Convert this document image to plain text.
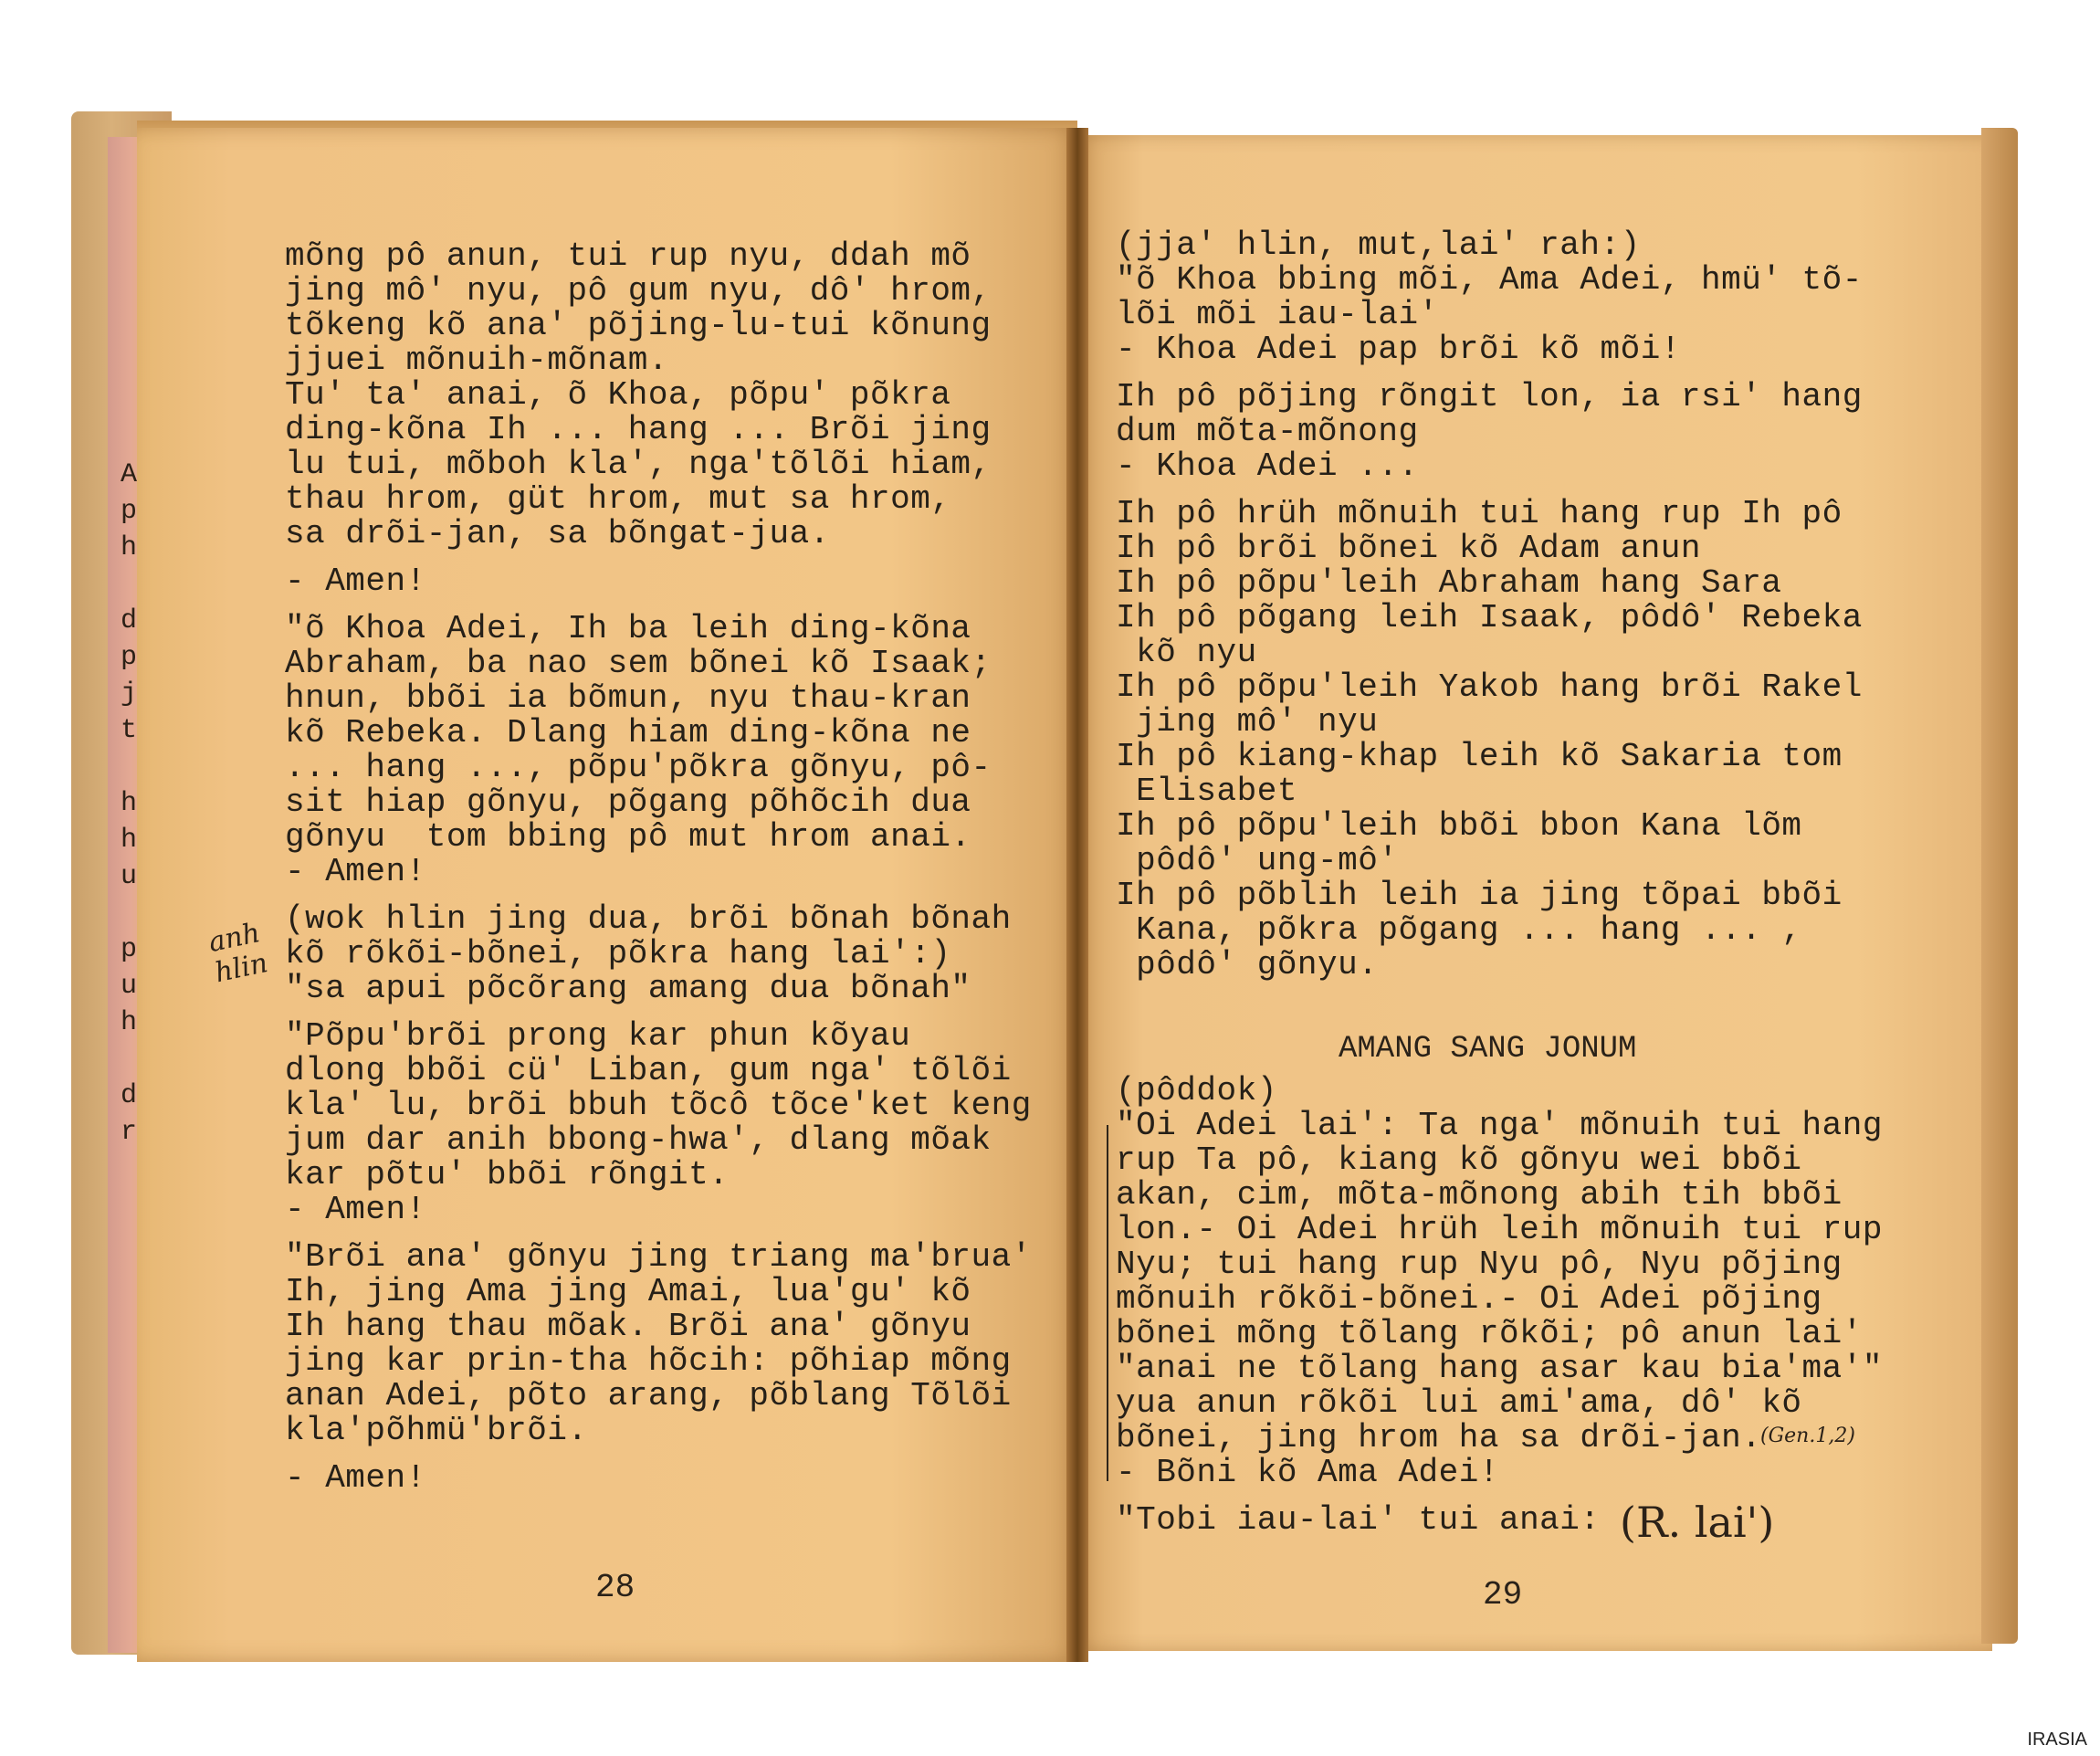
A
p
h

d
p
j
t

h
h
u

p
u
h

d
r
mõng pô anun, tui rup nyu, ddah mõ
jing mô' nyu, pô gum nyu, dô' hrom,
tõkeng kõ ana' põjing-lu-tui kõnung
jjuei mõnuih-mõnam.
Tu' ta' anai, õ Khoa, põpu' põkra
ding-kõna Ih ... hang ... Brõi jing
lu tui, mõboh kla', nga'tõlõi hiam,
thau hrom, güt hrom, mut sa hrom,
sa drõi-jan, sa bõngat-jua.
- Amen!
"õ Khoa Adei, Ih ba leih ding-kõna
Abraham, ba nao sem bõnei kõ Isaak;
hnun, bbõi ia bõmun, nyu thau-kran
kõ Rebeka. Dlang hiam ding-kõna ne
... hang ..., põpu'põkra gõnyu, pô-
sit hiap gõnyu, põgang põhõcih dua
gõnyu  tom bbing pô mut hrom anai.
- Amen!
(wok hlin jing dua, brõi bõnah bõnah
kõ rõkõi-bõnei, põkra hang lai':)
"sa apui põcõrang amang dua bõnah"
"Põpu'brõi prong kar phun kõyau
dlong bbõi cü' Liban, gum nga' tõlõi
kla' lu, brõi bbuh tõcô tõce'ket keng
jum dar anih bbong-hwa', dlang mõak
kar põtu' bbõi rõngit.
- Amen!
"Brõi ana' gõnyu jing triang ma'brua'
Ih, jing Ama jing Amai, lua'gu' kõ
Ih hang thau mõak. Brõi ana' gõnyu
jing kar prin-tha hõcih: põhiap mõng
anan Adei, põto arang, põblang Tõlõi
kla'põhmü'brõi.
- Amen!
anh
hlin
28
(jja' hlin, mut,lai' rah:)
"õ Khoa bbing mõi, Ama Adei, hmü' tõ-
lõi mõi iau-lai'
- Khoa Adei pap brõi kõ mõi!
Ih pô põjing rõngit lon, ia rsi' hang
dum mõta-mõnong
- Khoa Adei ...
Ih pô hrüh mõnuih tui hang rup Ih pô
Ih pô brõi bõnei kõ Adam anun
Ih pô põpu'leih Abraham hang Sara
Ih pô põgang leih Isaak, pôdô' Rebeka
kõ nyu
Ih pô põpu'leih Yakob hang brõi Rakel
jing mô' nyu
Ih pô kiang-khap leih kõ Sakaria tom
Elisabet
Ih pô põpu'leih bbõi bbon Kana lõm
pôdô' ung-mô'
Ih pô põblih leih ia jing tõpai bbõi
Kana, põkra põgang ... hang ... ,
pôdô' gõnyu.
AMANG SANG JONUM
(pôddok)
"Oi Adei lai': Ta nga' mõnuih tui hang
rup Ta pô, kiang kõ gõnyu wei bbõi
akan, cim, mõta-mõnong abih tih bbõi
lon.- Oi Adei hrüh leih mõnuih tui rup
Nyu; tui hang rup Nyu pô, Nyu põjing
mõnuih rõkõi-bõnei.- Oi Adei põjing
bõnei mõng tõlang rõkõi; pô anun lai'
"anai ne tõlang hang asar kau bia'ma'"
yua anun rõkõi lui ami'ama, dô' kõ
bõnei, jing hrom ha sa drõi-jan.
- Bõni kõ Ama Adei!
"Tobi iau-lai' tui anai:
(Gen.1,2)
(R. lai')
29
IRASIA
